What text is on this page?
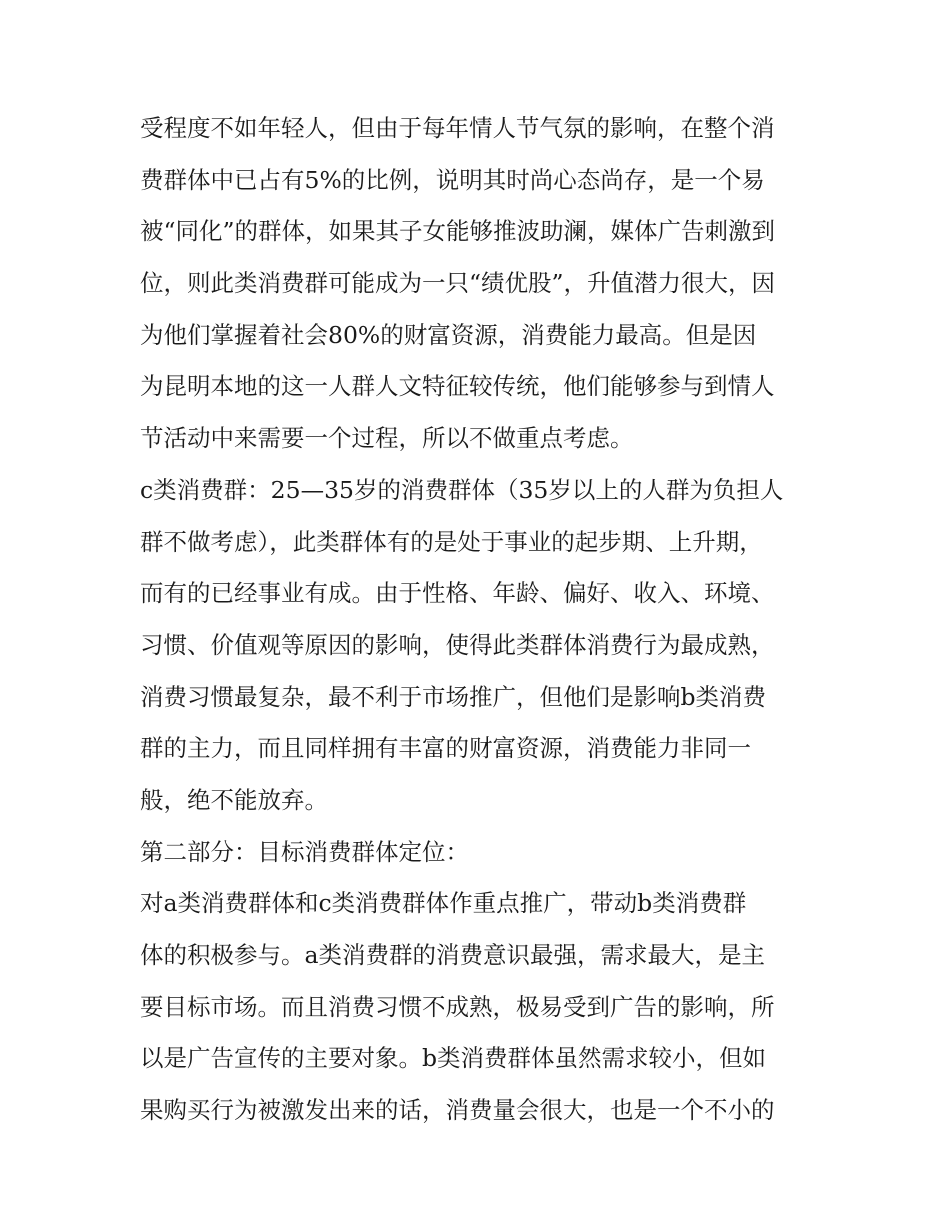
受程度不如年轻人，但由于每年情人节气氛的影响，在整个消
费群体中已占有5%的比例，说明其时尚心态尚存，是一个易
被“同化”的群体，如果其子女能够推波助澜，媒体广告刺激到
位，则此类消费群可能成为一只“绩优股”，升值潜力很大，因
为他们掌握着社会80%的财富资源，消费能力最高。但是因
为昆明本地的这一人群人文特征较传统，他们能够参与到情人
节活动中来需要一个过程，所以不做重点考虑。
c类消费群：25—35岁的消费群体（35岁以上的人群为负担人
群不做考虑），此类群体有的是处于事业的起步期、上升期，
而有的已经事业有成。由于性格、年龄、偏好、收入、环境、
习惯、价值观等原因的影响，使得此类群体消费行为最成熟，
消费习惯最复杂，最不利于市场推广，但他们是影响b类消费
群的主力，而且同样拥有丰富的财富资源，消费能力非同一
般，绝不能放弃。
第二部分：目标消费群体定位：
对a类消费群体和c类消费群体作重点推广，带动b类消费群
体的积极参与。a类消费群的消费意识最强，需求最大，是主
要目标市场。而且消费习惯不成熟，极易受到广告的影响，所
以是广告宣传的主要对象。b类消费群体虽然需求较小，但如
果购买行为被激发出来的话，消费量会很大，也是一个不小的
